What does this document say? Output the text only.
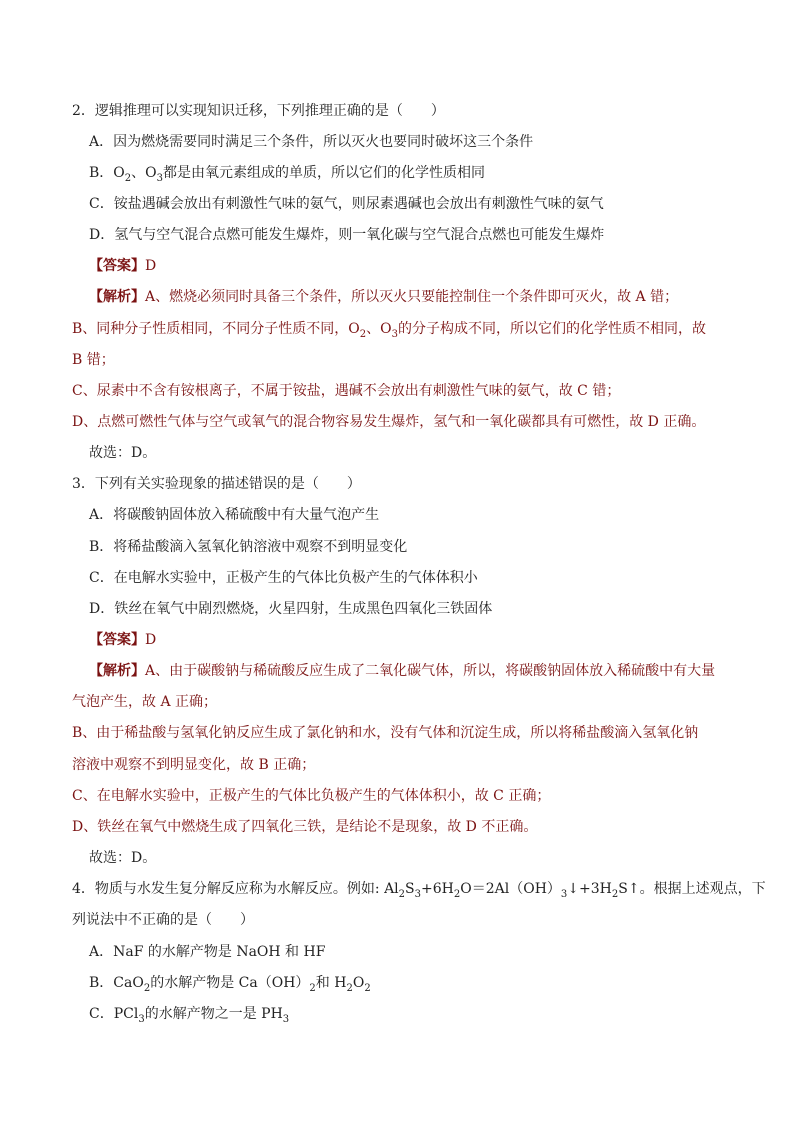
2．逻辑推理可以实现知识迁移，下列推理正确的是（　　）
A．因为燃烧需要同时满足三个条件，所以灭火也要同时破坏这三个条件
B．$O_2$、$O_3$都是由氧元素组成的单质，所以它们的化学性质相同
C．铵盐遇碱会放出有刺激性气味的氨气，则尿素遇碱也会放出有刺激性气味的氨气
D．氢气与空气混合点燃可能发生爆炸，则一氧化碳与空气混合点燃也可能发生爆炸
【答案】D
【解析】A、燃烧必须同时具备三个条件，所以灭火只要能控制住一个条件即可灭火，故 A 错；
B、同种分子性质相同，不同分子性质不同，$O_2$、$O_3$的分子构成不同，所以它们的化学性质不相同，故
B 错；
C、尿素中不含有铵根离子，不属于铵盐，遇碱不会放出有刺激性气味的氨气，故 C 错；
D、点燃可燃性气体与空气或氧气的混合物容易发生爆炸，氢气和一氧化碳都具有可燃性，故 D 正确。
故选：D。
3．下列有关实验现象的描述错误的是（　　）
A．将碳酸钠固体放入稀硫酸中有大量气泡产生
B．将稀盐酸滴入氢氧化钠溶液中观察不到明显变化
C．在电解水实验中，正极产生的气体比负极产生的气体体积小
D．铁丝在氧气中剧烈燃烧，火星四射，生成黑色四氧化三铁固体
【答案】D
【解析】A、由于碳酸钠与稀硫酸反应生成了二氧化碳气体，所以，将碳酸钠固体放入稀硫酸中有大量
气泡产生，故 A 正确；
B、由于稀盐酸与氢氧化钠反应生成了氯化钠和水，没有气体和沉淀生成，所以将稀盐酸滴入氢氧化钠
溶液中观察不到明显变化，故 B 正确；
C、在电解水实验中，正极产生的气体比负极产生的气体体积小，故 C 正确；
D、铁丝在氧气中燃烧生成了四氧化三铁，是结论不是现象，故 D 不正确。
故选：D。
4．物质与水发生复分解反应称为水解反应。例如: $Al_2S_3+6H_2O=2Al(OH)_3↓+3H_2S↑$。根据上述观点，下
列说法中不正确的是（　　）
A．NaF 的水解产物是 NaOH 和 HF
B．CaO$_2$的水解产物是 $Ca(OH)_2$和 $H_2O_2$
C．PCl$_3$的水解产物之一是 $PH_3$
